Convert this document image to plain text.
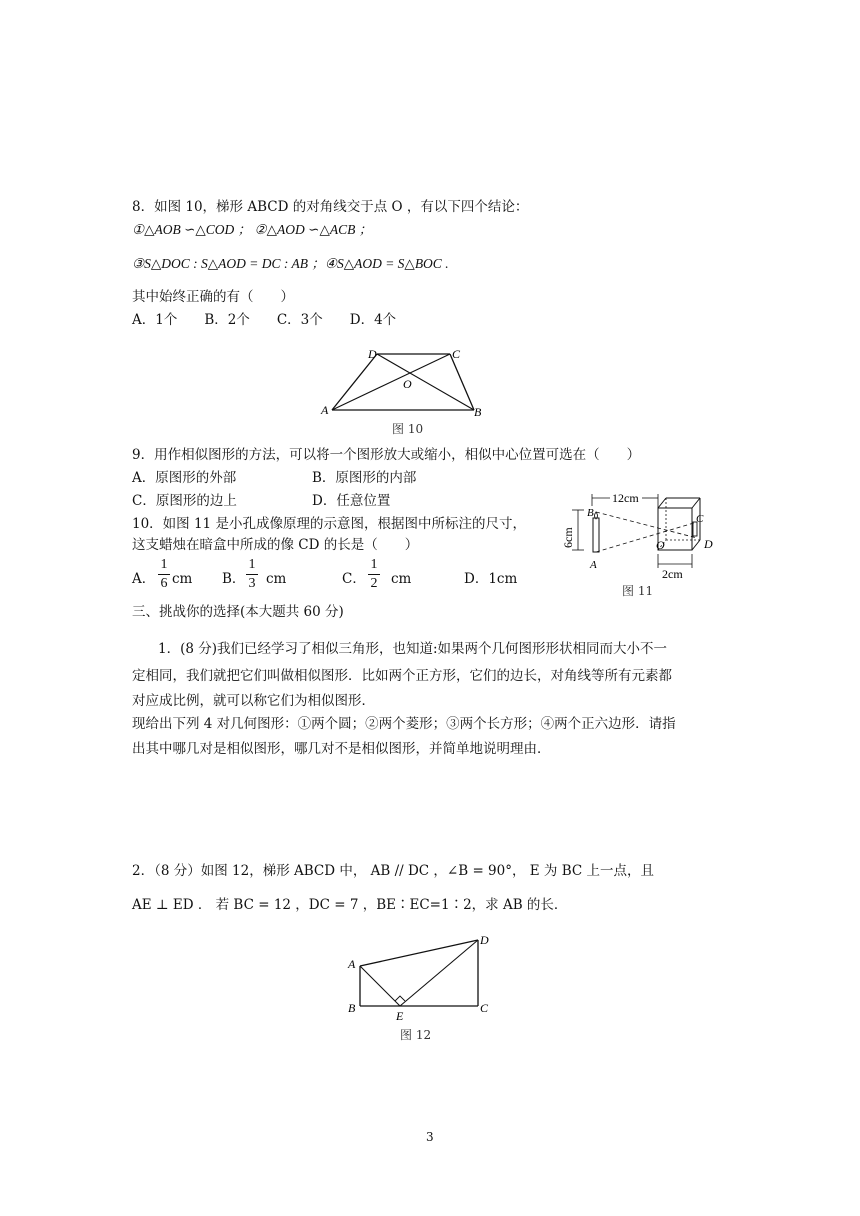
8．如图 10，梯形 ABCD 的对角线交于点 O ，有以下四个结论：

①△AOB ∽△COD ； ②△AOD ∽△ACB ；

③S△DOC : S△AOD = DC : AB ；④S△AOD = S△BOC .

其中始终正确的有（　　）

A．1个　　B．2个　　C．3个　　D．4个

D	C
O
A	B
图 10

9．用作相似图形的方法，可以将一个图形放大或缩小，相似中心位置可选在（　　）

A．原图形的外部	B．原图形的内部

C．原图形的边上	D．任意位置

10．如图 11 是小孔成像原理的示意图，根据图中所标注的尺寸，

这支蜡烛在暗盒中所成的像 CD 的长是（　　）

A．
1
6 cm B．
1
3 cm	C．
1
2 cm	D．1cm
12cm
6cm
2cm
B
A
O
C
D
图 11

三、挑战你的选择(本大题共 60 分)

1．(8 分)我们已经学习了相似三角形，也知道:如果两个几何图形形状相同而大小不一

定相同，我们就把它们叫做相似图形．比如两个正方形，它们的边长，对角线等所有元素都

对应成比例，就可以称它们为相似图形．

现给出下列 4 对几何图形：①两个圆；②两个菱形；③两个长方形；④两个正六边形．请指

出其中哪几对是相似图形，哪几对不是相似图形，并简单地说明理由．

2．（8 分）如图 12，梯形 ABCD 中， AB // DC ，∠B = 90°， E 为 BC 上一点，且

AE ⊥ ED ． 若 BC = 12 ，DC = 7 ，BE∶EC=1∶2，求 AB 的长．

A
D
B
E
C
图 12
3
